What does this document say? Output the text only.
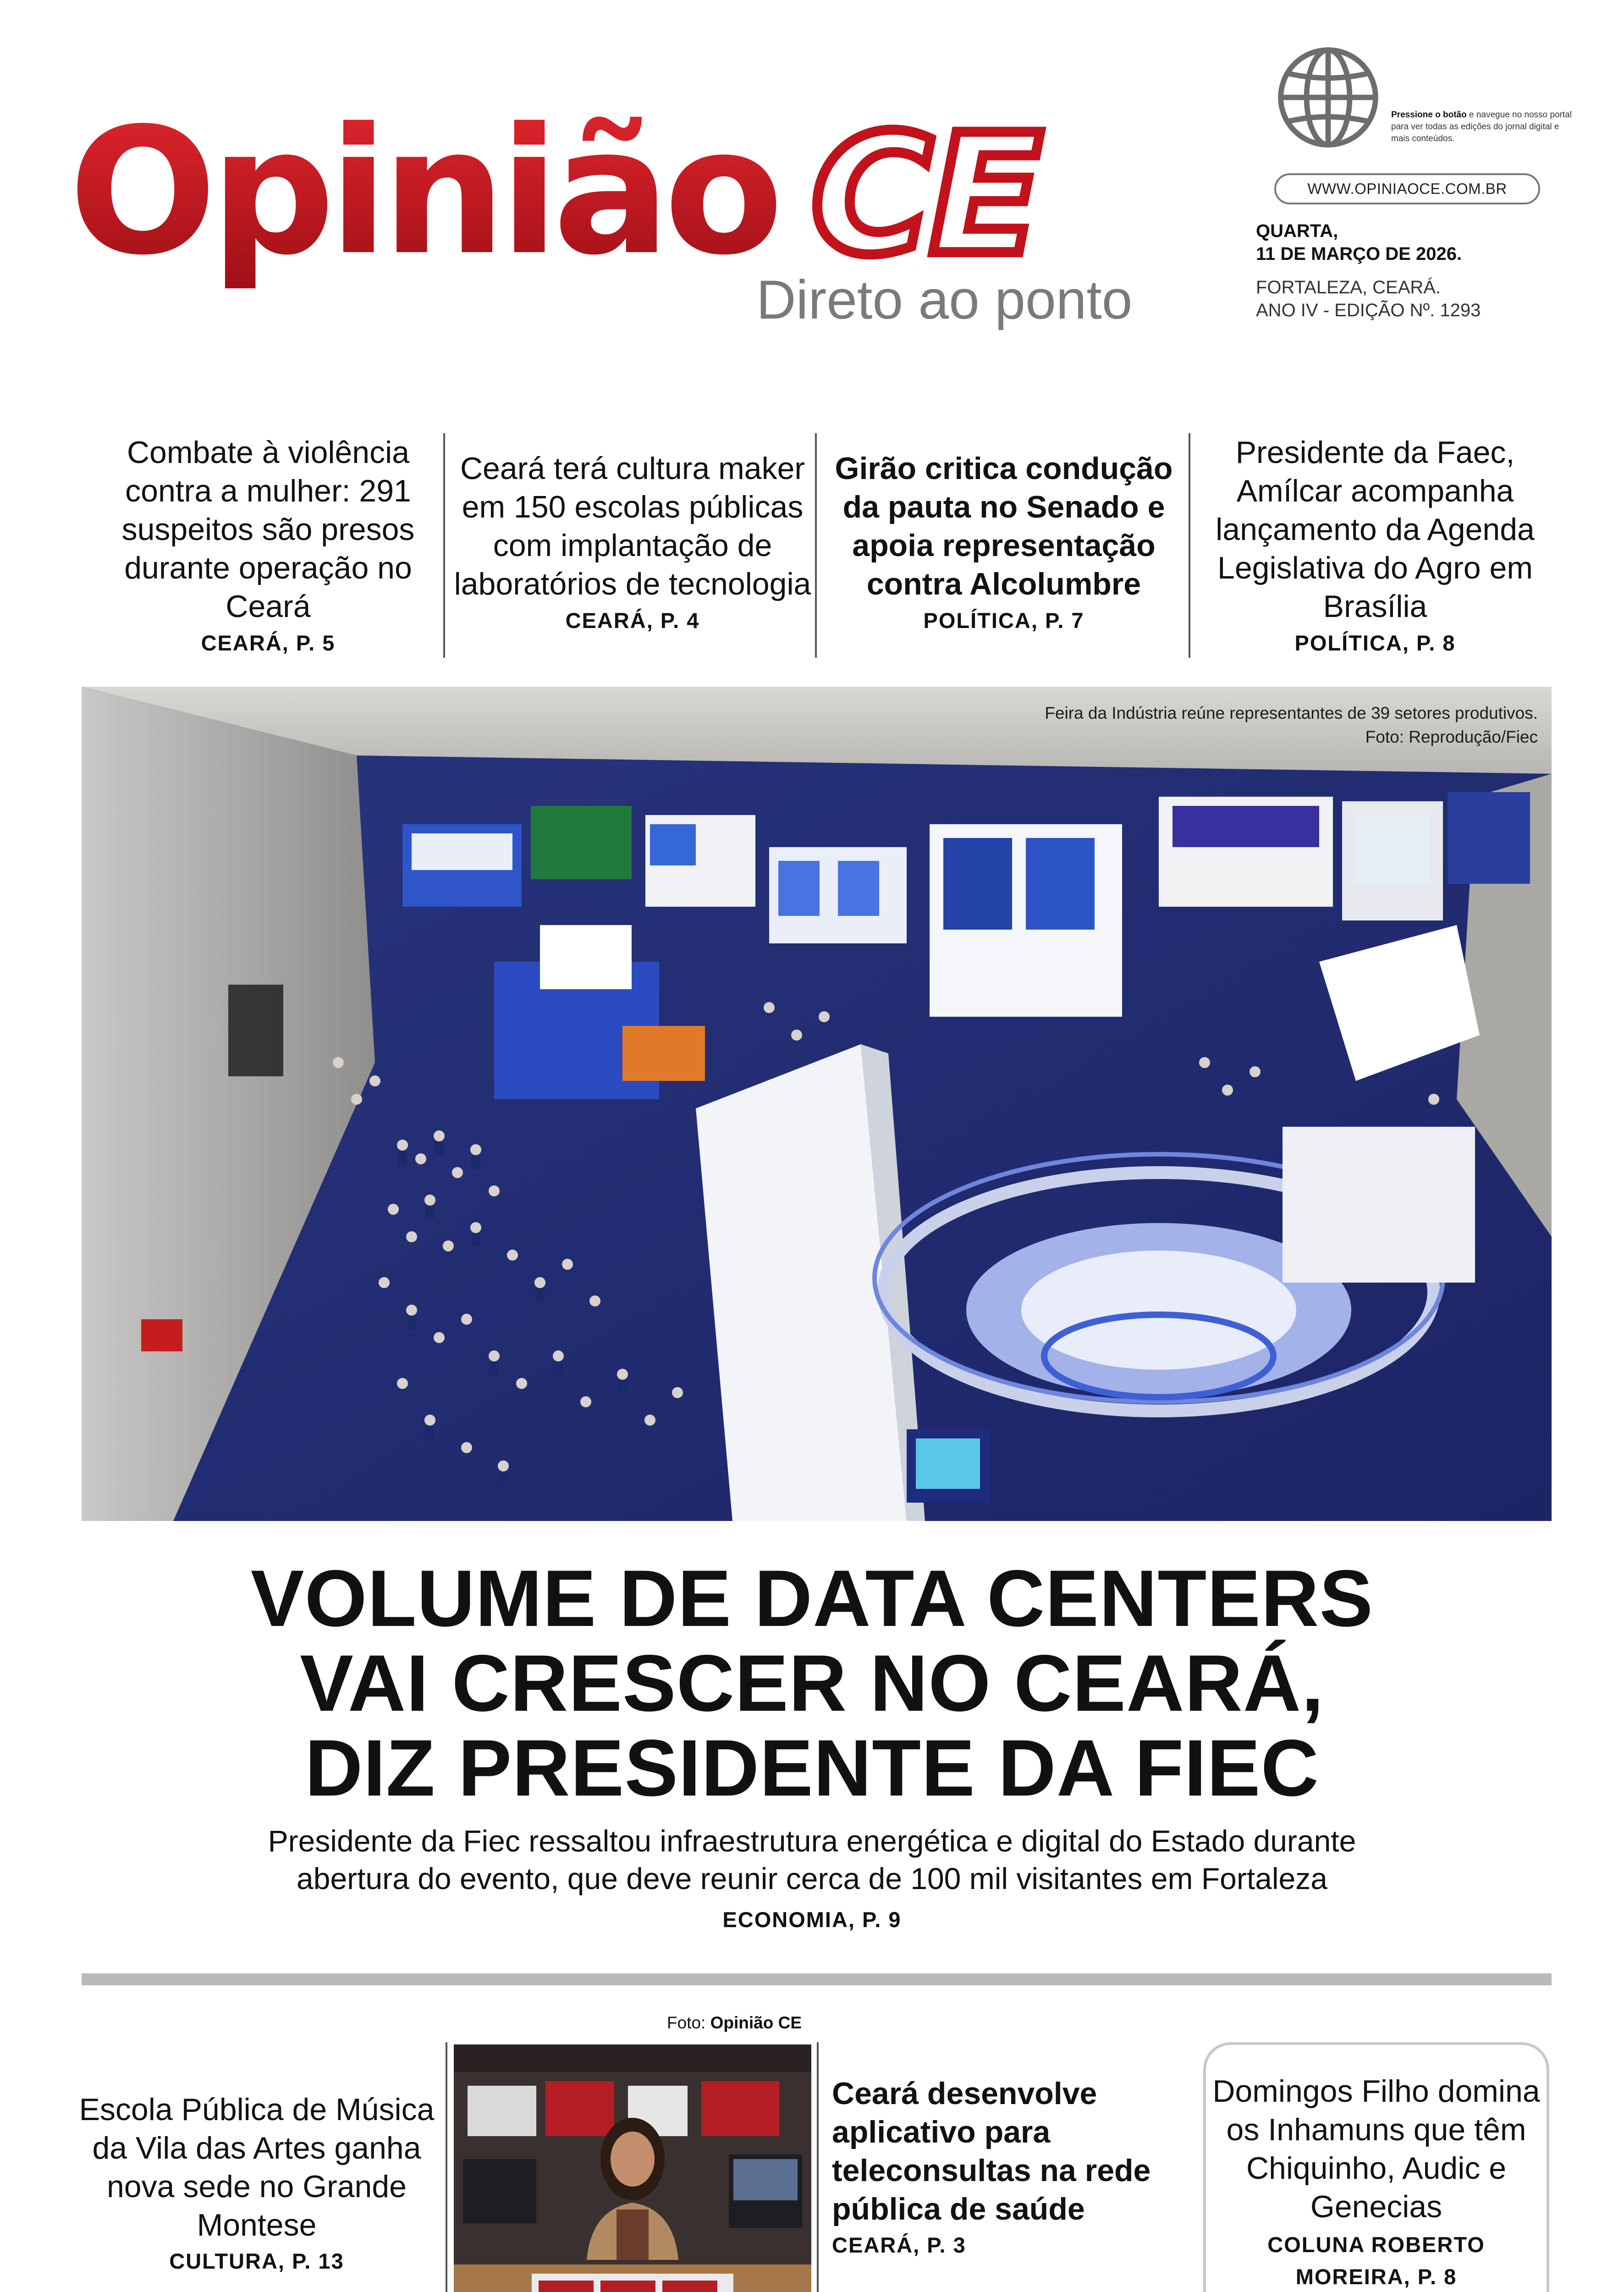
Opinião CE
Direto ao ponto
Pressione o botão e navegue no nosso portal para ver todas as edições do jornal digital e mais conteúdos.
WWW.OPINIAOCE.COM.BR
QUARTA,
11 DE MARÇO DE 2026.
FORTALEZA, CEARÁ.
ANO IV - EDIÇÃO Nº. 1293
Combate à violência contra a mulher: 291 suspeitos são presos durante operação no Ceará
CEARÁ, P. 5
Ceará terá cultura maker em 150 escolas públicas com implantação de laboratórios de tecnologia
CEARÁ, P. 4
Girão critica condução da pauta no Senado e apoia representação contra Alcolumbre
POLÍTICA, P. 7
Presidente da Faec, Amílcar acompanha lançamento da Agenda Legislativa do Agro em Brasília
POLÍTICA, P. 8
Feira da Indústria reúne representantes de 39 setores produtivos.
Foto: Reprodução/Fiec
VOLUME DE DATA CENTERS
VAI CRESCER NO CEARÁ,
DIZ PRESIDENTE DA FIEC
Presidente da Fiec ressaltou infraestrutura energética e digital do Estado durante
abertura do evento, que deve reunir cerca de 100 mil visitantes em Fortaleza
ECONOMIA, P. 9
Foto: Opinião CE
Escola Pública de Música da Vila das Artes ganha nova sede no Grande Montese
CULTURA, P. 13
Ceará desenvolve aplicativo para teleconsultas na rede pública de saúde
CEARÁ, P. 3
Domingos Filho domina os Inhamuns que têm Chiquinho, Audic e Genecias
COLUNA ROBERTO
MOREIRA, P. 8
